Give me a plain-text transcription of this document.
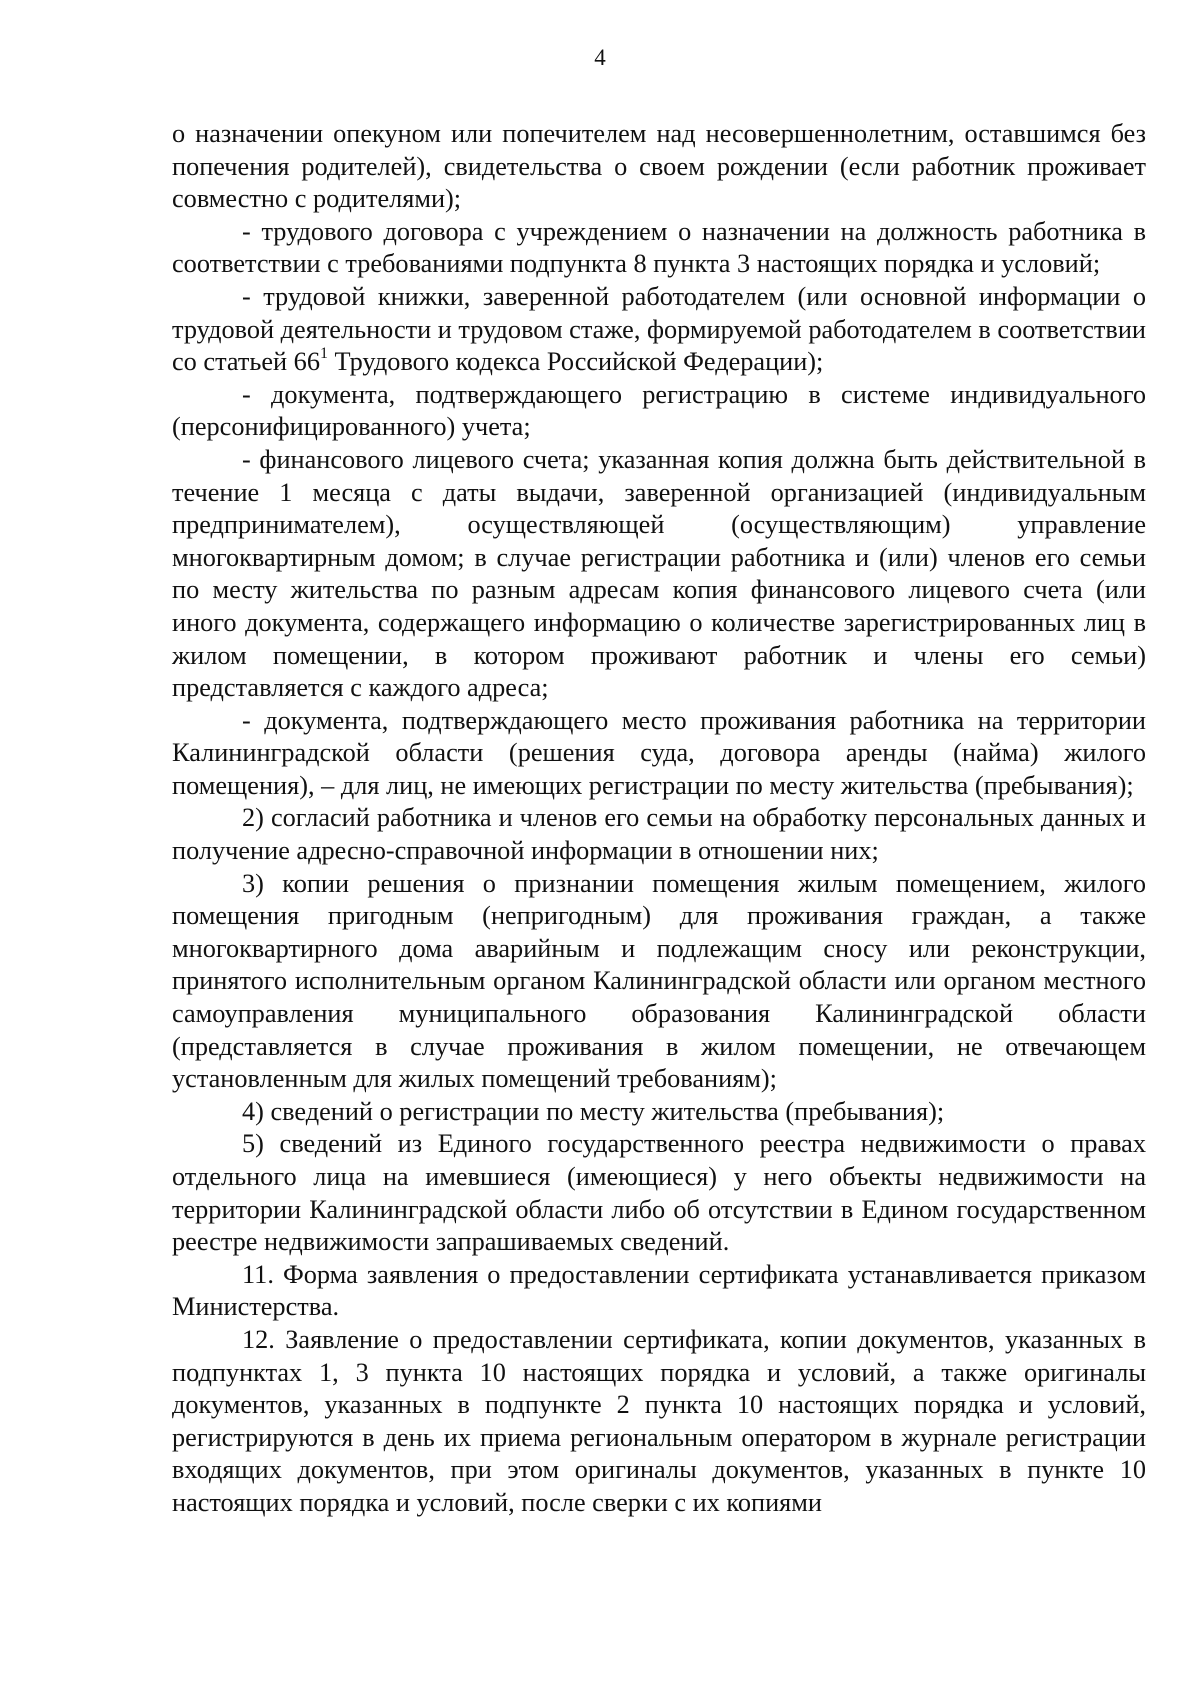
4

о назначении опекуном или попечителем над несовершеннолетним, оставшимся без попечения родителей), свидетельства о своем рождении (если работник проживает совместно с родителями);

- трудового договора с учреждением о назначении на должность работника в соответствии с требованиями подпункта 8 пункта 3 настоящих порядка и условий;

- трудовой книжки, заверенной работодателем (или основной информации о трудовой деятельности и трудовом стаже, формируемой работодателем в соответствии со статьей $66^1$ Трудового кодекса Российской Федерации);

- документа, подтверждающего регистрацию в системе индивидуального (персонифицированного) учета;

- финансового лицевого счета; указанная копия должна быть действительной в течение 1 месяца с даты выдачи, заверенной организацией (индивидуальным предпринимателем), осуществляющей (осуществляющим) управление многоквартирным домом; в случае регистрации работника и (или) членов его семьи по месту жительства по разным адресам копия финансового лицевого счета (или иного документа, содержащего информацию о количестве зарегистрированных лиц в жилом помещении, в котором проживают работник и члены его семьи) представляется с каждого адреса;

- документа, подтверждающего место проживания работника на территории Калининградской области (решения суда, договора аренды (найма) жилого помещения), – для лиц, не имеющих регистрации по месту жительства (пребывания);

2) согласий работника и членов его семьи на обработку персональных данных и получение адресно-справочной информации в отношении них;

3) копии решения о признании помещения жилым помещением, жилого помещения пригодным (непригодным) для проживания граждан, а также многоквартирного дома аварийным и подлежащим сносу или реконструкции, принятого исполнительным органом Калининградской области или органом местного самоуправления муниципального образования Калининградской области (представляется в случае проживания в жилом помещении, не отвечающем установленным для жилых помещений требованиям);

4) сведений о регистрации по месту жительства (пребывания);

5) сведений из Единого государственного реестра недвижимости о правах отдельного лица на имевшиеся (имеющиеся) у него объекты недвижимости на территории Калининградской области либо об отсутствии в Едином государственном реестре недвижимости запрашиваемых сведений.

11. Форма заявления о предоставлении сертификата устанавливается приказом Министерства.

12. Заявление о предоставлении сертификата, копии документов, указанных в подпунктах 1, 3 пункта 10 настоящих порядка и условий, а также оригиналы документов, указанных в подпункте 2 пункта 10 настоящих порядка и условий, регистрируются в день их приема региональным оператором в журнале регистрации входящих документов, при этом оригиналы документов, указанных в пункте 10 настоящих порядка и условий, после сверки с их копиями
